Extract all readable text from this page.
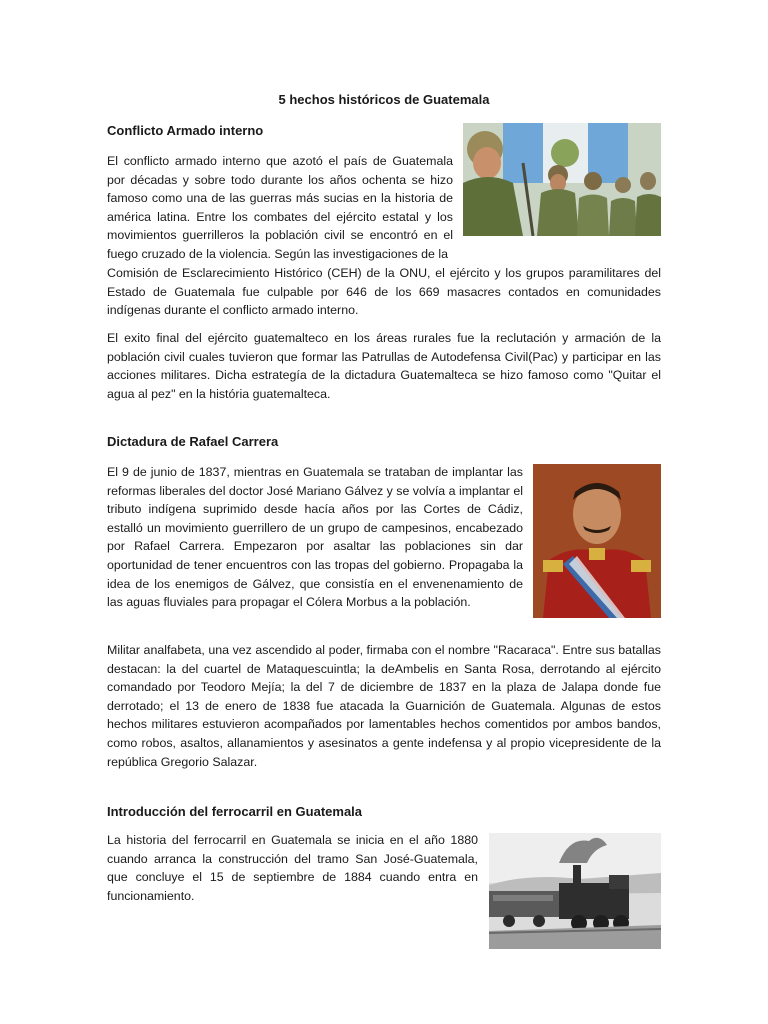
5 hechos históricos de Guatemala
Conflicto Armado interno

El conflicto armado interno que azotó el país de Guatemala por décadas y sobre todo durante los años ochenta se hizo famoso como una de las guerras más sucias en la historia de américa latina. Entre los combates del ejército estatal y los movimientos guerrilleros la población civil se encontró en el fuego cruzado de la violencia. Según las investigaciones de la

Comisión de Esclarecimiento Histórico (CEH) de la ONU, el ejército y los grupos paramilitares del Estado de Guatemala fue culpable por 646 de los 669 masacres contados en comunidades indígenas durante el conflicto armado interno.

El exito final del ejército guatemalteco en los áreas rurales fue la reclutación y armación de la población civil cuales tuvieron que formar las Patrullas de Autodefensa Civil(Pac) y participar en las acciones militares. Dicha estrategía de la dictadura Guatemalteca se hizo famoso como "Quitar el agua al pez" en la história guatemalteca.

Dictadura de Rafael Carrera

El 9 de junio de 1837, mientras en Guatemala se trataban de implantar las reformas liberales del doctor José Mariano Gálvez y se volvía a implantar el tributo indígena suprimido desde hacía años por las Cortes de Cádiz, estalló un movimiento guerrillero de un grupo de campesinos, encabezado por Rafael Carrera. Empezaron por asaltar las poblaciones sin dar oportunidad de tener encuentros con las tropas del gobierno. Propagaba la idea de los enemigos de Gálvez, que consistía en el envenenamiento de las aguas fluviales para propagar el Cólera Morbus a la población.

Militar analfabeta, una vez ascendido al poder, firmaba con el nombre "Racaraca". Entre sus batallas destacan: la del cuartel de Mataquescuintla; la deAmbelis en Santa Rosa, derrotando al ejército comandado por Teodoro Mejía; la del 7 de diciembre de 1837 en la plaza de Jalapa donde fue derrotado; el 13 de enero de 1838 fue atacada la Guarnición de Guatemala. Algunas de estos hechos militares estuvieron acompañados por lamentables hechos comentidos por ambos bandos, como robos, asaltos, allanamientos y asesinatos a gente indefensa y al propio vicepresidente de la república Gregorio Salazar.

Introducción del ferrocarril en Guatemala

La historia del ferrocarril en Guatemala se inicia en el año 1880 cuando arranca la construcción del tramo San José-Guatemala, que concluye el 15 de septiembre de 1884 cuando entra en funcionamiento.
